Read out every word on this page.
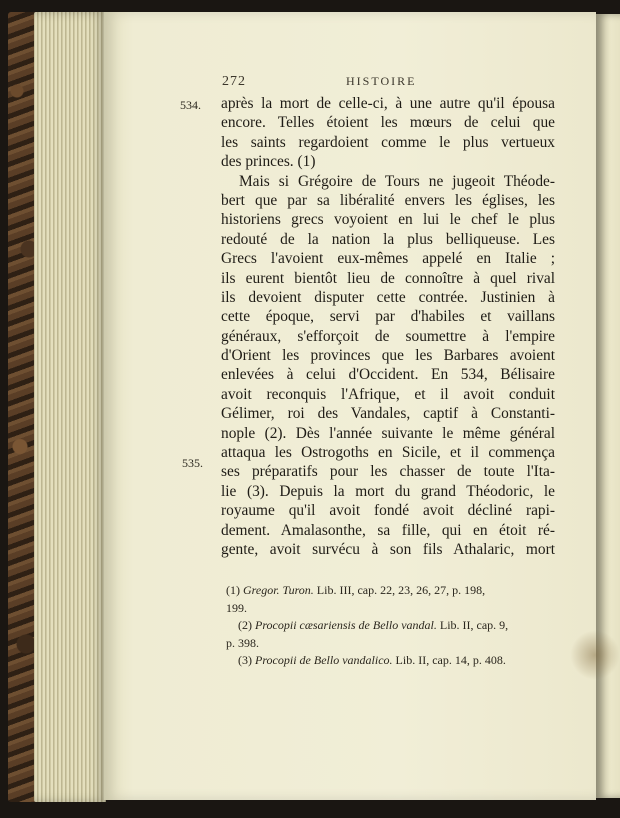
272	HISTOIRE
534.
535.
après la mort de celle-ci, à une autre qu'il épousa
encore. Telles étoient les mœurs de celui que
les saints regardoient comme le plus vertueux
des princes. (1)
Mais si Grégoire de Tours ne jugeoit Théode-
bert que par sa libéralité envers les églises, les
historiens grecs voyoient en lui le chef le plus
redouté de la nation la plus belliqueuse. Les
Grecs l'avoient eux-mêmes appelé en Italie ;
ils eurent bientôt lieu de connoître à quel rival
ils devoient disputer cette contrée. Justinien à
cette époque, servi par d'habiles et vaillans
généraux, s'efforçoit de soumettre à l'empire
d'Orient les provinces que les Barbares avoient
enlevées à celui d'Occident. En 534, Bélisaire
avoit reconquis l'Afrique, et il avoit conduit
Gélimer, roi des Vandales, captif à Constanti-
nople (2). Dès l'année suivante le même général
attaqua les Ostrogoths en Sicile, et il commença
ses préparatifs pour les chasser de toute l'Ita-
lie (3). Depuis la mort du grand Théodoric, le
royaume qu'il avoit fondé avoit décliné rapi-
dement. Amalasonthe, sa fille, qui en étoit ré-
gente, avoit survécu à son fils Athalaric, mort
(1) Gregor. Turon. Lib. III, cap. 22, 23, 26, 27, p. 198,
199.
(2) Procopii cæsariensis de Bello vandal. Lib. II, cap. 9,
p. 398.
(3) Procopii de Bello vandalico. Lib. II, cap. 14, p. 408.
